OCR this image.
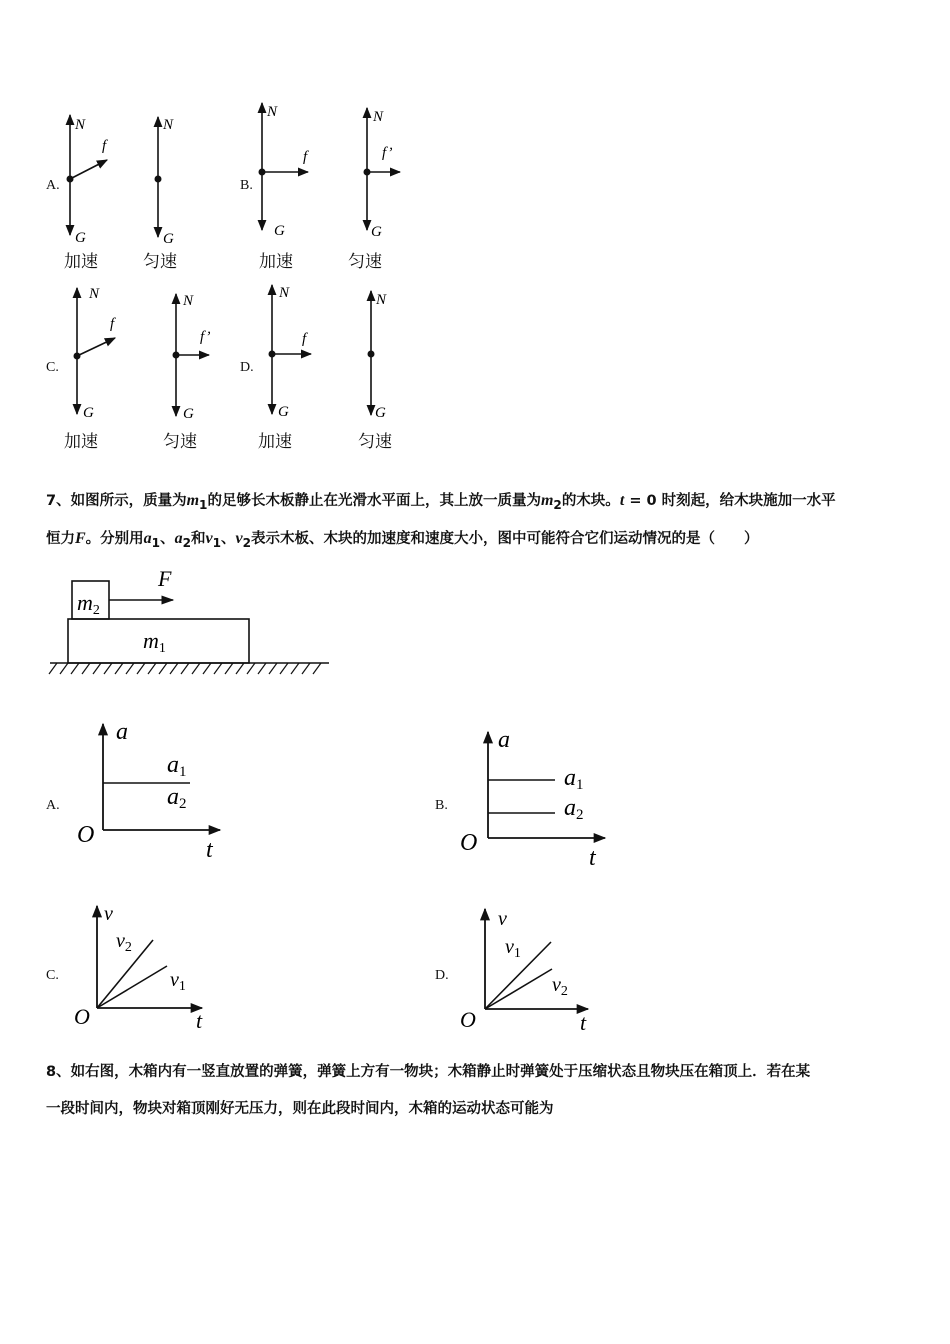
A.
N
f
G
N
G
加速	匀速
B.
N
f
G
N
f’
G
加速	匀速
C.
N
f
G
N
f’
G
加速	匀速
D.
N
f
G
N
G
加速	匀速
7、如图所示，质量为$m_1$的足够长木板静止在光滑水平面上，其上放一质量为$m_2$的木块。t = 0 时刻起，给木块施加一水平
恒力F。分别用$a_1$、$a_2$和$v_1$、$v_2$表示木板、木块的加速度和速度大小，图中可能符合它们运动情况的是（　　）
F
m2
m1
A.
a
t
O
a1
a2	B.
a
t
O
a1
a2
C.
v
t
O
$v_2$
$v_1$
D.
v
t
O
$v_1$
$v_2$
8、如右图，木箱内有一竖直放置的弹簧，弹簧上方有一物块；木箱静止时弹簧处于压缩状态且物块压在箱顶上．若在某
一段时间内，物块对箱顶刚好无压力，则在此段时间内，木箱的运动状态可能为
